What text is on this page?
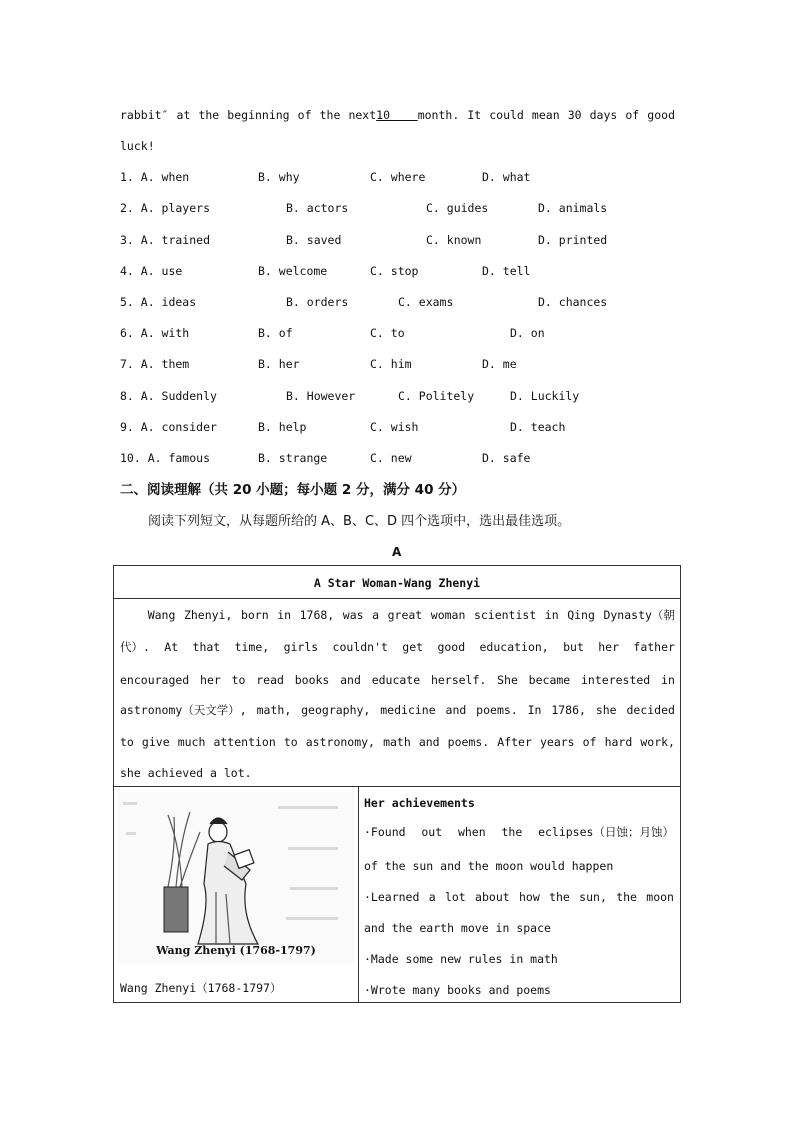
rabbit″ at the beginning of the next10 month. It could mean 30 days of good
luck!
1. A. when	B. why	C. where	D. what
2. A. players	B. actors	C. guides	D. animals
3. A. trained	B. saved	C. known	D. printed
4. A. use	B. welcome	C. stop	D. tell
5. A. ideas	B. orders	C. exams	D. chances
6. A. with	B. of	C. to	D. on
7. A. them	B. her	C. him	D. me
8. A. Suddenly	B. However	C. Politely	D. Luckily
9. A. consider	B. help	C. wish	D. teach
10. A. famous	B. strange	C. new	D. safe
二、阅读理解（共 20 小题；每小题 2 分，满分 40 分）
阅读下列短文，从每题所给的 A、B、C、D 四个选项中，选出最佳选项。
A
A Star Woman-Wang Zhenyi
Wang Zhenyi, born in 1768, was a great woman scientist in Qing Dynasty（朝
代）. At that time, girls couldn't get good education, but her father
encouraged her to read books and educate herself. She became interested in
astronomy（天文学）, math, geography, medicine and poems. In 1786, she decided
to give much attention to astronomy, math and poems. After years of hard work,
she achieved a lot.
Wang Zhenyi (1768-1797)
Wang Zhenyi（1768-1797）
Her achievements
·Found out when the eclipses（日蚀；月蚀）
of the sun and the moon would happen
·Learned a lot about how the sun, the moon
and the earth move in space
·Made some new rules in math
·Wrote many books and poems
